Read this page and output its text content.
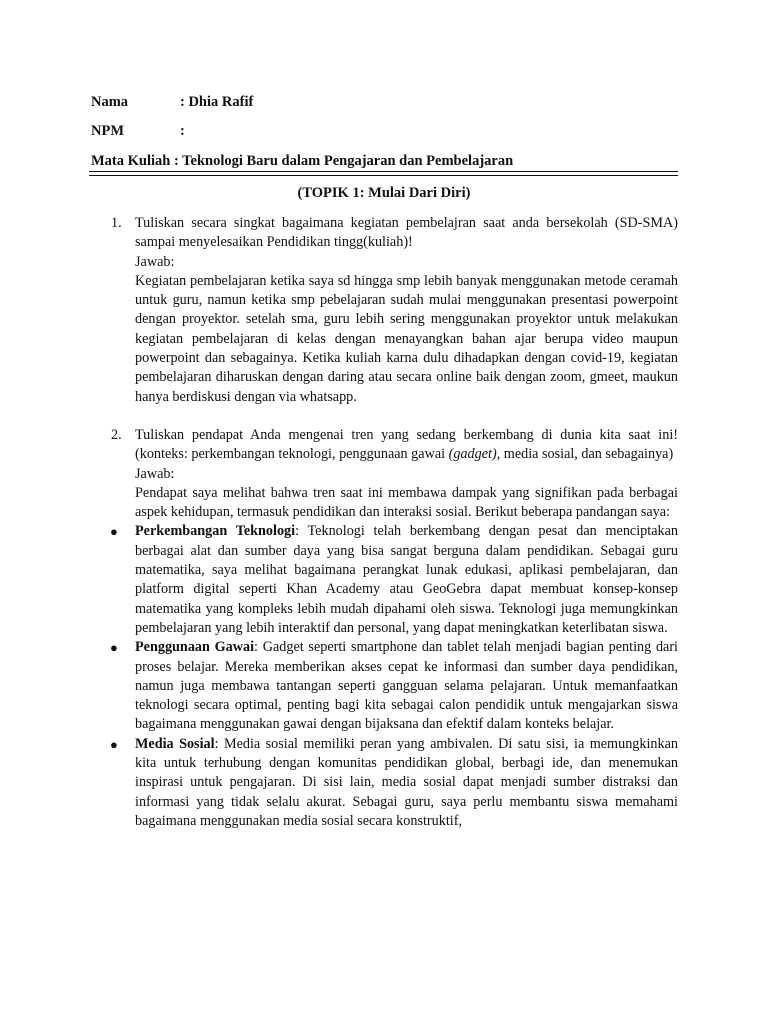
Nama	: Dhia Rafif
NPM	:
Mata Kuliah : Teknologi Baru dalam Pengajaran dan Pembelajaran
(TOPIK 1: Mulai Dari Diri)
1. Tuliskan secara singkat bagaimana kegiatan pembelajran saat anda bersekolah (SD-SMA) sampai menyelesaikan Pendidikan tingg(kuliah)!
Jawab:
Kegiatan pembelajaran ketika saya sd hingga smp lebih banyak menggunakan metode ceramah untuk guru, namun ketika smp pebelajaran sudah mulai menggunakan presentasi powerpoint dengan proyektor. setelah sma, guru lebih sering menggunakan proyektor untuk melakukan kegiatan pembelajaran di kelas dengan menayangkan bahan ajar berupa video maupun powerpoint dan sebagainya. Ketika kuliah karna dulu dihadapkan dengan covid-19, kegiatan pembelajaran diharuskan dengan daring atau secara online baik dengan zoom, gmeet, maukun hanya berdiskusi dengan via whatsapp.
2. Tuliskan pendapat Anda mengenai tren yang sedang berkembang di dunia kita saat ini! (konteks: perkembangan teknologi, penggunaan gawai (gadget), media sosial, dan sebagainya)
Jawab:
Pendapat saya melihat bahwa tren saat ini membawa dampak yang signifikan pada berbagai aspek kehidupan, termasuk pendidikan dan interaksi sosial. Berikut beberapa pandangan saya:
● Perkembangan Teknologi: Teknologi telah berkembang dengan pesat dan menciptakan berbagai alat dan sumber daya yang bisa sangat berguna dalam pendidikan. Sebagai guru matematika, saya melihat bagaimana perangkat lunak edukasi, aplikasi pembelajaran, dan platform digital seperti Khan Academy atau GeoGebra dapat membuat konsep-konsep matematika yang kompleks lebih mudah dipahami oleh siswa. Teknologi juga memungkinkan pembelajaran yang lebih interaktif dan personal, yang dapat meningkatkan keterlibatan siswa.
● Penggunaan Gawai: Gadget seperti smartphone dan tablet telah menjadi bagian penting dari proses belajar. Mereka memberikan akses cepat ke informasi dan sumber daya pendidikan, namun juga membawa tantangan seperti gangguan selama pelajaran. Untuk memanfaatkan teknologi secara optimal, penting bagi kita sebagai calon pendidik untuk mengajarkan siswa bagaimana menggunakan gawai dengan bijaksana dan efektif dalam konteks belajar.
● Media Sosial: Media sosial memiliki peran yang ambivalen. Di satu sisi, ia memungkinkan kita untuk terhubung dengan komunitas pendidikan global, berbagi ide, dan menemukan inspirasi untuk pengajaran. Di sisi lain, media sosial dapat menjadi sumber distraksi dan informasi yang tidak selalu akurat. Sebagai guru, saya perlu membantu siswa memahami bagaimana menggunakan media sosial secara konstruktif,
